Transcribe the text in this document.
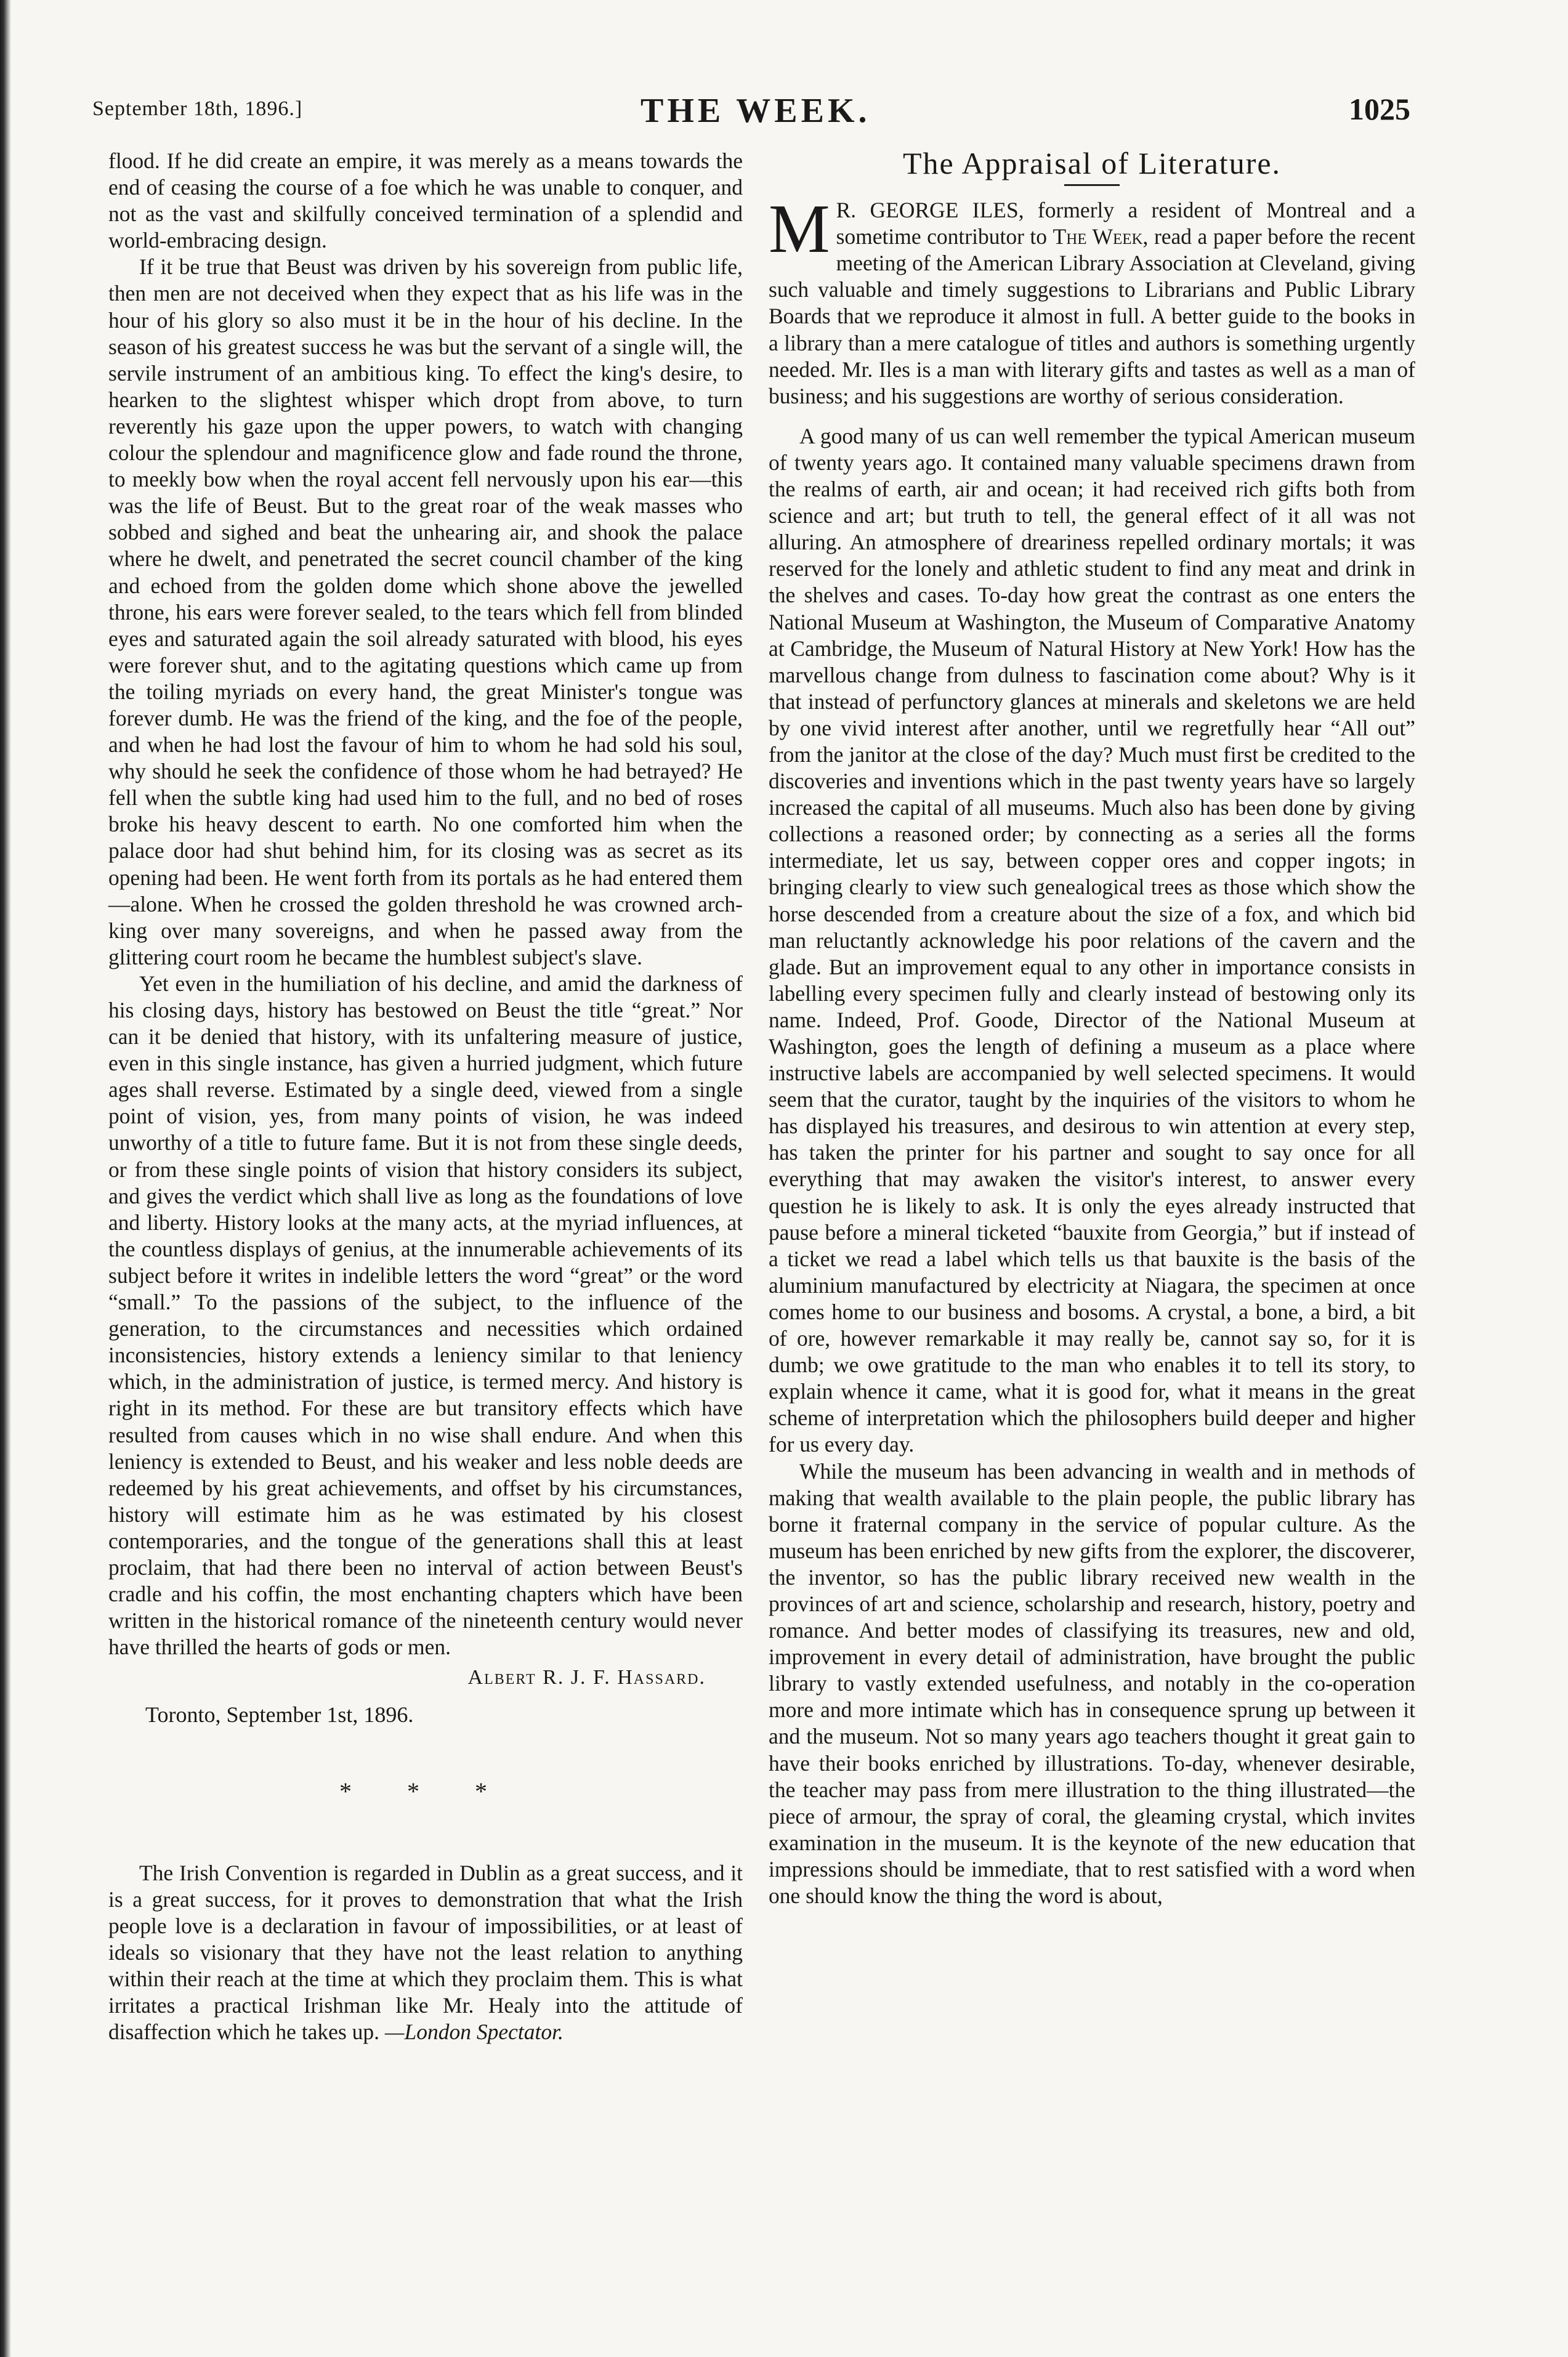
September 18th, 1896.]	THE WEEK.	1025

flood. If he did create an empire, it was merely as a means towards the end of ceasing the course of a foe which he was unable to conquer, and not as the vast and skilfully conceived termination of a splendid and world-embracing design.

If it be true that Beust was driven by his sovereign from public life, then men are not deceived when they expect that as his life was in the hour of his glory so also must it be in the hour of his decline. In the season of his greatest success he was but the servant of a single will, the servile instrument of an ambitious king. To effect the king's desire, to hearken to the slightest whisper which dropt from above, to turn reverently his gaze upon the upper powers, to watch with changing colour the splendour and magnificence glow and fade round the throne, to meekly bow when the royal accent fell nervously upon his ear—this was the life of Beust. But to the great roar of the weak masses who sobbed and sighed and beat the unhearing air, and shook the palace where he dwelt, and penetrated the secret council chamber of the king and echoed from the golden dome which shone above the jewelled throne, his ears were forever sealed, to the tears which fell from blinded eyes and saturated again the soil already saturated with blood, his eyes were forever shut, and to the agitating questions which came up from the toiling myriads on every hand, the great Minister's tongue was forever dumb. He was the friend of the king, and the foe of the people, and when he had lost the favour of him to whom he had sold his soul, why should he seek the confidence of those whom he had betrayed? He fell when the subtle king had used him to the full, and no bed of roses broke his heavy descent to earth. No one comforted him when the palace door had shut behind him, for its closing was as secret as its opening had been. He went forth from its portals as he had entered them—alone. When he crossed the golden threshold he was crowned arch-king over many sovereigns, and when he passed away from the glittering court room he became the humblest subject's slave.

Yet even in the humiliation of his decline, and amid the darkness of his closing days, history has bestowed on Beust the title “great.” Nor can it be denied that history, with its unfaltering measure of justice, even in this single instance, has given a hurried judgment, which future ages shall reverse. Estimated by a single deed, viewed from a single point of vision, yes, from many points of vision, he was indeed unworthy of a title to future fame. But it is not from these single deeds, or from these single points of vision that history considers its subject, and gives the verdict which shall live as long as the foundations of love and liberty. History looks at the many acts, at the myriad influences, at the countless displays of genius, at the innumerable achievements of its subject before it writes in indelible letters the word “great” or the word “small.” To the passions of the subject, to the influence of the generation, to the circumstances and necessities which ordained inconsistencies, history extends a leniency similar to that leniency which, in the administration of justice, is termed mercy. And history is right in its method. For these are but transitory effects which have resulted from causes which in no wise shall endure. And when this leniency is extended to Beust, and his weaker and less noble deeds are redeemed by his great achievements, and offset by his circumstances, history will estimate him as he was estimated by his closest contemporaries, and the tongue of the generations shall this at least proclaim, that had there been no interval of action between Beust's cradle and his coffin, the most enchanting chapters which have been written in the historical romance of the nineteenth century would never have thrilled the hearts of gods or men.

Albert R. J. F. Hassard.
Toronto, September 1st, 1896.
* * *

The Irish Convention is regarded in Dublin as a great success, and it is a great success, for it proves to demonstration that what the Irish people love is a declaration in favour of impossibilities, or at least of ideals so visionary that they have not the least relation to anything within their reach at the time at which they proclaim them. This is what irritates a practical Irishman like Mr. Healy into the attitude of disaffection which he takes up. —London Spectator.

The Appraisal of Literature.

M R. GEORGE ILES, formerly a resident of Montreal and a sometime contributor to The Week, read a paper before the recent meeting of the American Library Association at Cleveland, giving such valuable and timely suggestions to Librarians and Public Library Boards that we reproduce it almost in full. A better guide to the books in a library than a mere catalogue of titles and authors is something urgently needed. Mr. Iles is a man with literary gifts and tastes as well as a man of business; and his suggestions are worthy of serious consideration.

A good many of us can well remember the typical American museum of twenty years ago. It contained many valuable specimens drawn from the realms of earth, air and ocean; it had received rich gifts both from science and art; but truth to tell, the general effect of it all was not alluring. An atmosphere of dreariness repelled ordinary mortals; it was reserved for the lonely and athletic student to find any meat and drink in the shelves and cases. To-day how great the contrast as one enters the National Museum at Washington, the Museum of Comparative Anatomy at Cambridge, the Museum of Natural History at New York! How has the marvellous change from dulness to fascination come about? Why is it that instead of perfunctory glances at minerals and skeletons we are held by one vivid interest after another, until we regretfully hear “All out” from the janitor at the close of the day? Much must first be credited to the discoveries and inventions which in the past twenty years have so largely increased the capital of all museums. Much also has been done by giving collections a reasoned order; by connecting as a series all the forms intermediate, let us say, between copper ores and copper ingots; in bringing clearly to view such genealogical trees as those which show the horse descended from a creature about the size of a fox, and which bid man reluctantly acknowledge his poor relations of the cavern and the glade. But an improvement equal to any other in importance consists in labelling every specimen fully and clearly instead of bestowing only its name. Indeed, Prof. Goode, Director of the National Museum at Washington, goes the length of defining a museum as a place where instructive labels are accompanied by well selected specimens. It would seem that the curator, taught by the inquiries of the visitors to whom he has displayed his treasures, and desirous to win attention at every step, has taken the printer for his partner and sought to say once for all everything that may awaken the visitor's interest, to answer every question he is likely to ask. It is only the eyes already instructed that pause before a mineral ticketed “bauxite from Georgia,” but if instead of a ticket we read a label which tells us that bauxite is the basis of the aluminium manufactured by electricity at Niagara, the specimen at once comes home to our business and bosoms. A crystal, a bone, a bird, a bit of ore, however remarkable it may really be, cannot say so, for it is dumb; we owe gratitude to the man who enables it to tell its story, to explain whence it came, what it is good for, what it means in the great scheme of interpretation which the philosophers build deeper and higher for us every day.

While the museum has been advancing in wealth and in methods of making that wealth available to the plain people, the public library has borne it fraternal company in the service of popular culture. As the museum has been enriched by new gifts from the explorer, the discoverer, the inventor, so has the public library received new wealth in the provinces of art and science, scholarship and research, history, poetry and romance. And better modes of classifying its treasures, new and old, improvement in every detail of administration, have brought the public library to vastly extended usefulness, and notably in the co-operation more and more intimate which has in consequence sprung up between it and the museum. Not so many years ago teachers thought it great gain to have their books enriched by illustrations. To-day, whenever desirable, the teacher may pass from mere illustration to the thing illustrated—the piece of armour, the spray of coral, the gleaming crystal, which invites examination in the museum. It is the keynote of the new education that impressions should be immediate, that to rest satisfied with a word when one should know the thing the word is about,
